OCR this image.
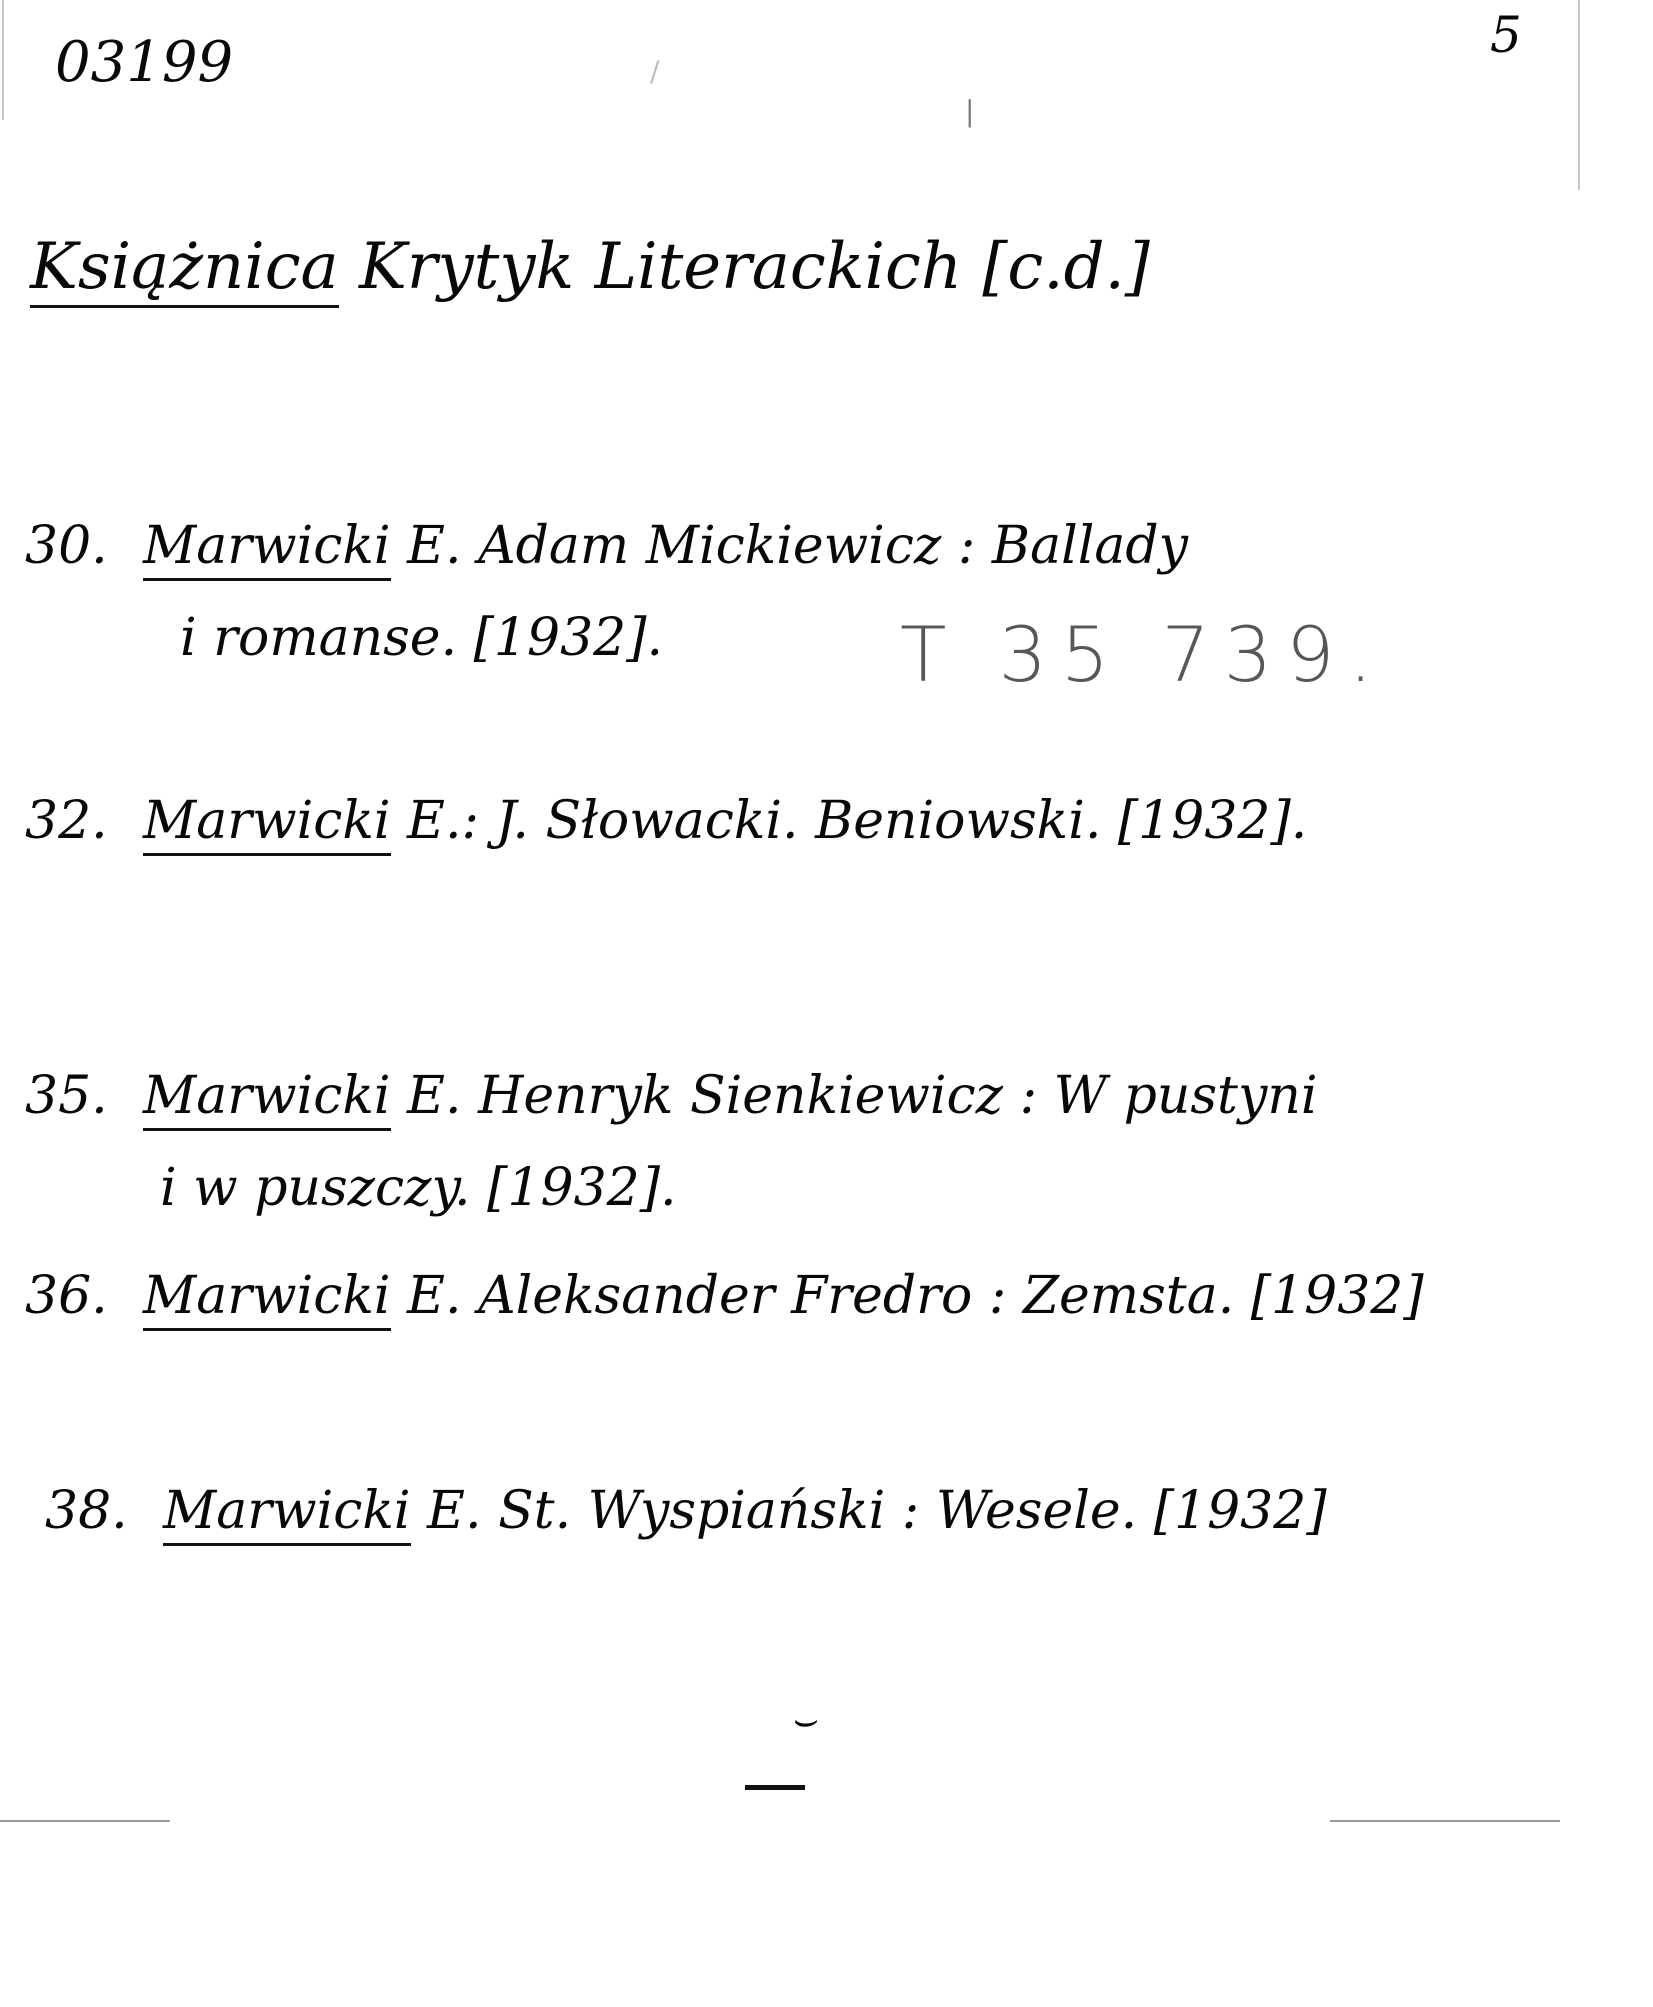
03199	5
/
|
Książnica Krytyk Literackich [c.d.]
30. Marwicki E. Adam Mickiewicz : Ballady
i romanse. [1932].	T 35 739.
32. Marwicki E.: J. Słowacki. Beniowski. [1932].
35. Marwicki E. Henryk Sienkiewicz : W pustyni
i w puszczy. [1932].
36. Marwicki E. Aleksander Fredro : Zemsta. [1932]
38. Marwicki E. St. Wyspiański : Wesele. [1932]
⌣
